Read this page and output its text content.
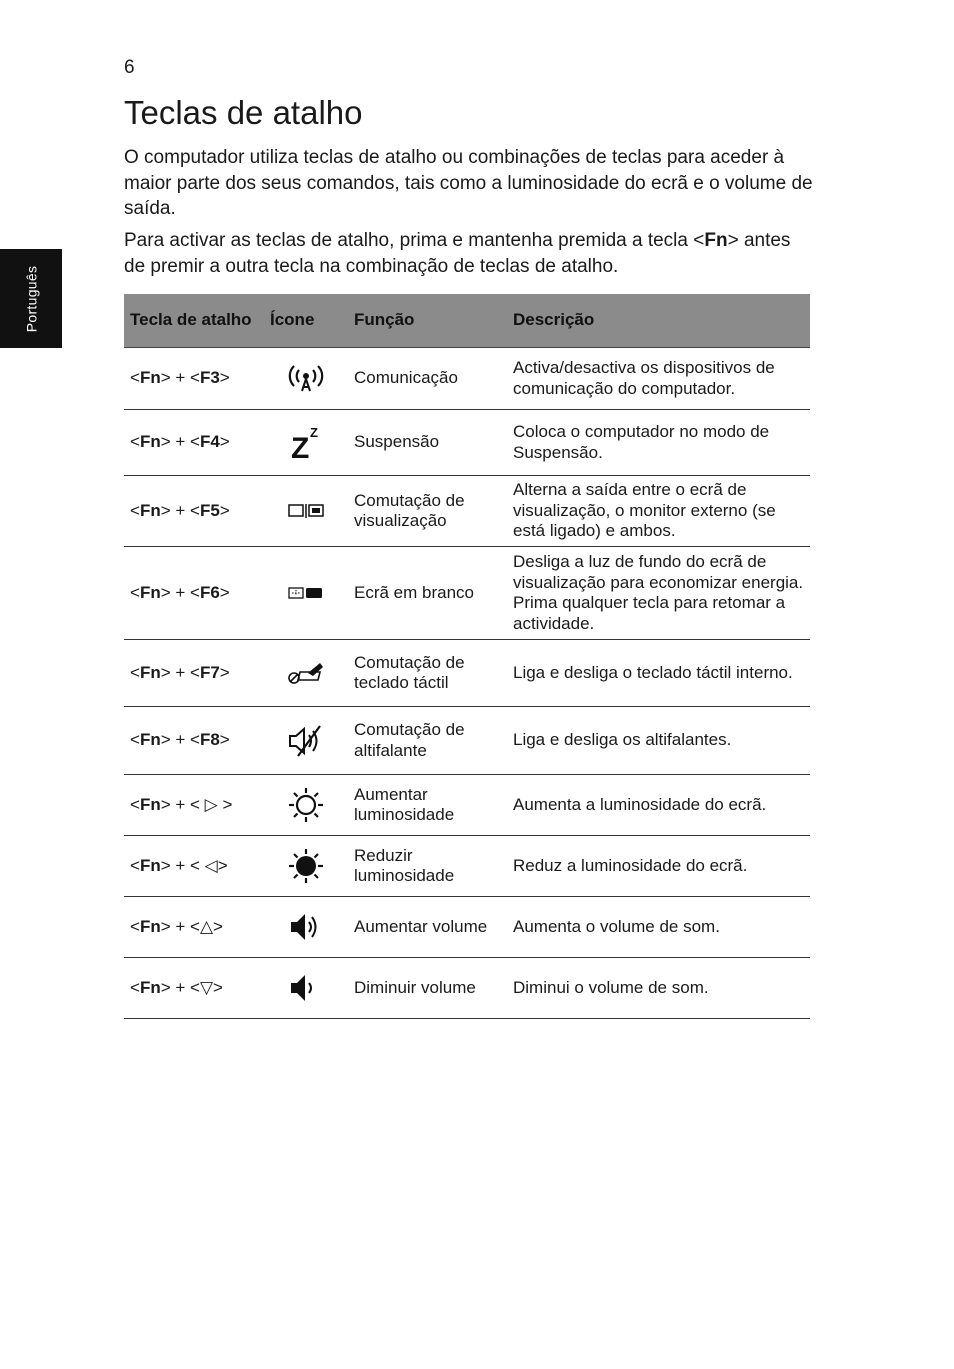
6
Português
Teclas de atalho

O computador utiliza teclas de atalho ou combinações de teclas para aceder à maior parte dos seus comandos, tais como a luminosidade do ecrã e o volume de saída.

Para activar as teclas de atalho, prima e mantenha premida a tecla <Fn> antes de premir a outra tecla na combinação de teclas de atalho.

Tecla de atalho	Ícone	Função	Descrição
<Fn> + <F3>		Comunicação	Activa/desactiva os dispositivos de comunicação do computador.
<Fn> + <F4>	Z Z	Suspensão	Coloca o computador no modo de Suspensão.
<Fn> + <F5>		Comutação de visualização	Alterna a saída entre o ecrã de visualização, o monitor externo (se está ligado) e ambos.
<Fn> + <F6>		Ecrã em branco	Desliga a luz de fundo do ecrã de visualização para economizar energia. Prima qualquer tecla para retomar a actividade.
<Fn> + <F7>		Comutação de teclado táctil	Liga e desliga o teclado táctil interno.
<Fn> + <F8>		Comutação de altifalante	Liga e desliga os altifalantes.
<Fn> + < ▷ >		Aumentar luminosidade	Aumenta a luminosidade do ecrã.
<Fn> + < ◁>		Reduzir luminosidade	Reduz a luminosidade do ecrã.
<Fn> + <△>		Aumentar volume	Aumenta o volume de som.
<Fn> + <▽>		Diminuir volume	Diminui o volume de som.
